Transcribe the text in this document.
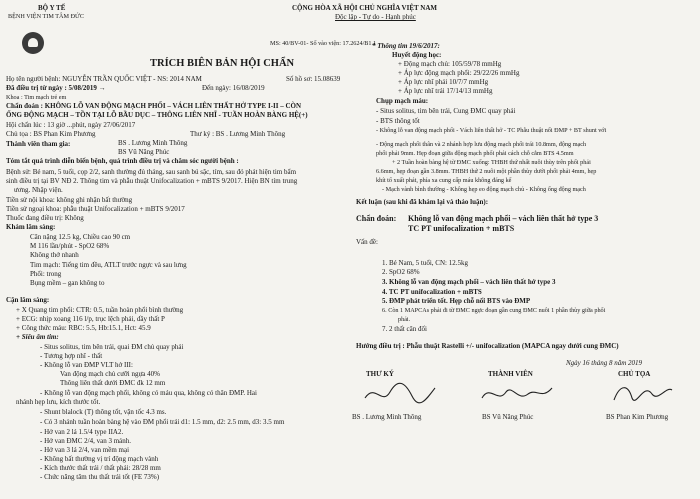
BỘ Y TẾ
BỆNH VIỆN TIM TÂM ĐỨC
CỘNG HÒA XÃ HỘI CHỦ NGHĨA VIỆT NAM
Độc lập - Tự do - Hạnh phúc
MS: 40/BV-01- Số vào viện: 17.2624/B1.1
TRÍCH BIÊN BẢN HỘI CHẨN
Họ tên người bệnh: NGUYỄN TRẦN QUỐC VIỆT - NS: 2014 NAM	Số hồ sơ: 15.08639
Đã điều trị từ ngày : 5/08/2019 →	Đến ngày: 16/08/2019
Khoa : Tim mạch trẻ em
Chẩn đoán : KHÔNG LỖ VAN ĐỘNG MẠCH PHỔI – VÁCH LIÊN THẤT HỞ TYPE I-II – CÒN
ỐNG ĐỘNG MẠCH – TỒN TẠI LỖ BẦU DỤC – THÔNG LIÊN NHĨ - TUẦN HOÀN BÀNG HỆ(+)
Hội chẩn lúc : 13 giờ ...phút, ngày 27/06/2017
Chủ tọa : BS Phan Kim Phương	Thư ký : BS . Lương Minh Thông
Thành viên tham gia:	BS . Lương Minh Thông
BS Vũ Năng Phúc
Tóm tắt quá trình diễn biến bệnh, quá trình điều trị và chăm sóc người bệnh :
Bệnh sử: Bé nam, 5 tuổi, cọp 2/2, sanh thường đủ tháng, sau sanh bú sặc, tím, sau đó phát hiện tim bẩm
sinh điều trị tại BV NĐ 2. Thông tim và phẫu thuật Unifocalization + mBTS 9/2017. Hiện BN tím trung
ương. Nhập viện.
Tiền sử nội khoa: không ghi nhận bất thường
Tiền sử ngoại khoa: phẫu thuật Unifocalization + mBTS 9/2017
Thuốc đang điều trị: Không
Khám lâm sàng:
Cân nặng 12.5 kg, Chiều cao 90 cm
M 116 lần/phút - SpO2 68%
Không thở nhanh
Tim mạch: Tiếng tim đều, ATLT trước ngực và sau lưng
Phổi: trong
Bụng mềm – gan không to
Cận lâm sàng:
+ X Quang tim phổi: CTR: 0.5, tuần hoàn phổi bình thường
+ ECG: nhịp xoang 116 l/p, trục lệch phải, dầy thất P
+ Công thức máu: RBC: 5.5, Hb:15.1, Hct: 45.9
+ Siêu âm tim:
- Situs solitus, tim bên trái, quai ĐM chủ quay phải
- Tương hợp nhĩ - thất
- Không lỗ van ĐMP VLT hở III:
Van động mạch chủ cưỡi ngựa 40%
Thông liên thất dưới ĐMC đk 12 mm
- Không lỗ van động mạch phổi, không có máu qua, không có thân ĐMP. Hai
nhánh hẹp lưu, kích thước tốt.
- Shunt blalock (T) thông tốt, vận tốc 4.3 ms.
- Có 3 nhánh tuần hoàn bàng hệ vào ĐM phổi trái d1: 1.5 mm, d2: 2.5 mm, d3: 3.5 mm
- Hở van 2 lá 1.5/4 type IIA2.
- Hở van ĐMC 2/4, van 3 mảnh.
- Hở van 3 lá 2/4, van mềm mại
- Không bất thường vị trí động mạch vành
- Kích thước thất trái / thất phải: 28/28 mm
- Chức năng tâm thu thất trái tốt (FE 73%)
* Thông tim 19/6/2017:
Huyết động học:
+ Động mạch chủ: 105/59/78 mmHg
+ Áp lực động mạch phổi: 29/22/26 mmHg
+ Áp lực nhĩ phải 10/7/7 mmHg
+ Áp lực nhĩ trái 17/14/13 mmHg
Chụp mạch máu:
- Situs solitus, tim bên trái, Cung ĐMC quay phải
- BTS thông tốt
- Không lỗ van động mạch phổi - Vách liên thất hở - TC Phẫu thuật nối ĐMP + BT shunt với
- Động mạch phổi thân và 2 nhánh hợp lưu động mạch phổi trái 10.8mm, động mạch
phổi phải 9mm. Hẹp đoạn giữa động mạch phổi phải cách chỗ cắm BTS 4.5mm
+ 2 Tuần hoàn bàng hệ từ ĐMC xuống: THBH thứ nhất nuôi thùy trên phổi phải
6.6mm, hẹp đoạn gần 3.8mm. THBH thứ 2 nuôi một phần thùy dưới phổi phải 4mm, hẹp
khít tổ xuất phát, phía xa cung cấp máu không đáng kể
- Mạch vành bình thường - Không hẹp eo động mạch chủ - Không ống động mạch
Kết luận (sau khi đã khám lại và thảo luận):
Chẩn đoán: Không lỗ van động mạch phổi – vách liên thất hở type 3
TC PT unifocalization + mBTS
Vấn đề:
1. Bé Nam, 5 tuổi, CN: 12.5kg
2. SpO2 68%
3. Không lỗ van động mạch phổi – vách liên thất hở type 3
4. TC PT unifocalization + mBTS
5. ĐMP phát triển tốt. Hẹp chỗ nối BTS vào ĐMP
6. Còn 1 MAPCAs phải đi từ ĐMC ngực đoạn gần cung ĐMC nuôi 1 phần thùy giữa phổi
phải.
7. 2 thất cân đối
Hướng điều trị : Phẫu thuật Rastelli +/- unifocalization (MAPCA ngay dưới cung ĐMC)
Ngày 16 tháng 8 năm 2019
THƯ KÝ	THÀNH VIÊN	CHỦ TỌA
BS . Lương Minh Thông	BS Vũ Năng Phúc	BS Phan Kim Phương
